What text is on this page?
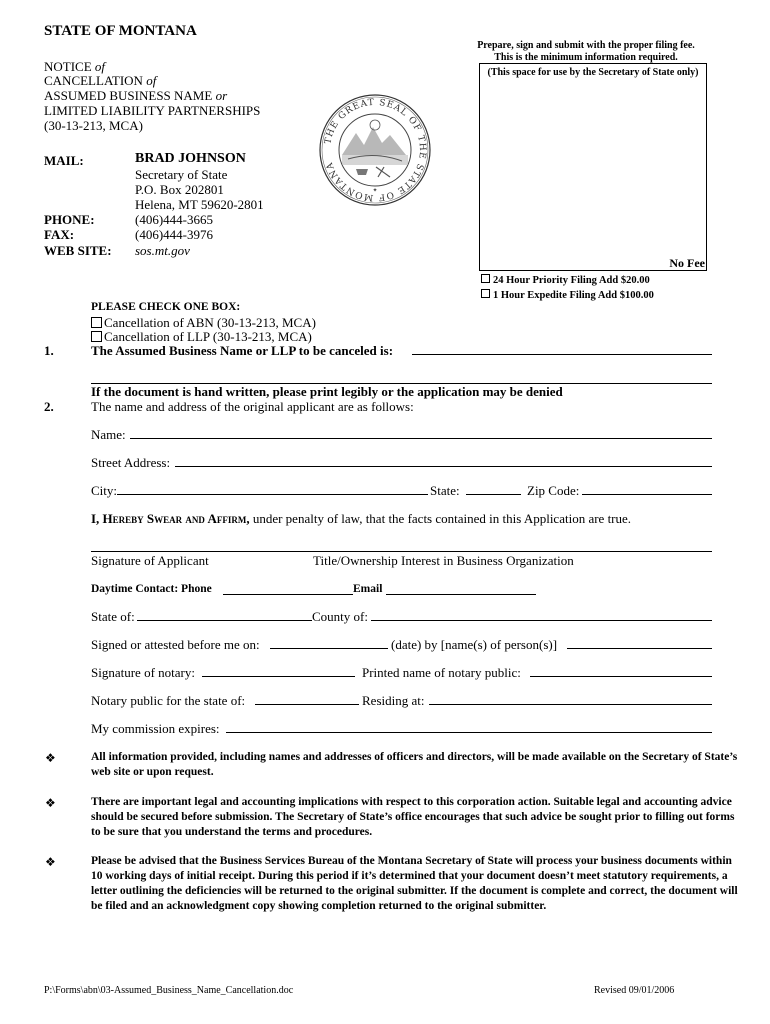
STATE OF MONTANA
NOTICE of
CANCELLATION of
ASSUMED BUSINESS NAME or
LIMITED LIABILITY PARTNERSHIPS
(30-13-213, MCA)
MAIL:	BRAD JOHNSON
Secretary of State
P.O. Box 202801
Helena, MT 59620-2801
PHONE:	(406)444-3665
FAX:	(406)444-3976
WEB SITE: sos.mt.gov
THE GREAT SEAL OF THE STATE OF MONTANA
✦
Prepare, sign and submit with the proper filing fee.
This is the minimum information required.
(This space for use by the Secretary of State only)
No Fee
24 Hour Priority Filing Add $20.00
1 Hour Expedite Filing Add $100.00
PLEASE CHECK ONE BOX:
Cancellation of ABN (30-13-213, MCA)
Cancellation of LLP (30-13-213, MCA)
1.	The Assumed Business Name or LLP to be canceled is:
If the document is hand written, please print legibly or the application may be denied
2.	The name and address of the original applicant are as follows:
Name:
Street Address:
City:	State:	Zip Code:
I, Hereby Swear and Affirm, under penalty of law, that the facts contained in this Application are true.
Signature of Applicant	Title/Ownership Interest in Business Organization
Daytime Contact: Phone	Email
State of:	County of:
Signed or attested before me on:	(date) by [name(s) of person(s)]
Signature of notary:	Printed name of notary public:
Notary public for the state of:	Residing at:
My commission expires:
❖	All information provided, including names and addresses of officers and directors, will be made available on the Secretary of State’s web site or upon request.
❖	There are important legal and accounting implications with respect to this corporation action. Suitable legal and accounting advice should be secured before submission. The Secretary of State’s office encourages that such advice be sought prior to filling out forms to be sure that you understand the terms and procedures.
❖	Please be advised that the Business Services Bureau of the Montana Secretary of State will process your business documents within 10 working days of initial receipt. During this period if it’s determined that your document doesn’t meet statutory requirements, a letter outlining the deficiencies will be returned to the original submitter. If the document is complete and correct, the document will be filed and an acknowledgment copy showing completion returned to the original submitter.
P:\Forms\abn\03-Assumed_Business_Name_Cancellation.doc	Revised 09/01/2006
